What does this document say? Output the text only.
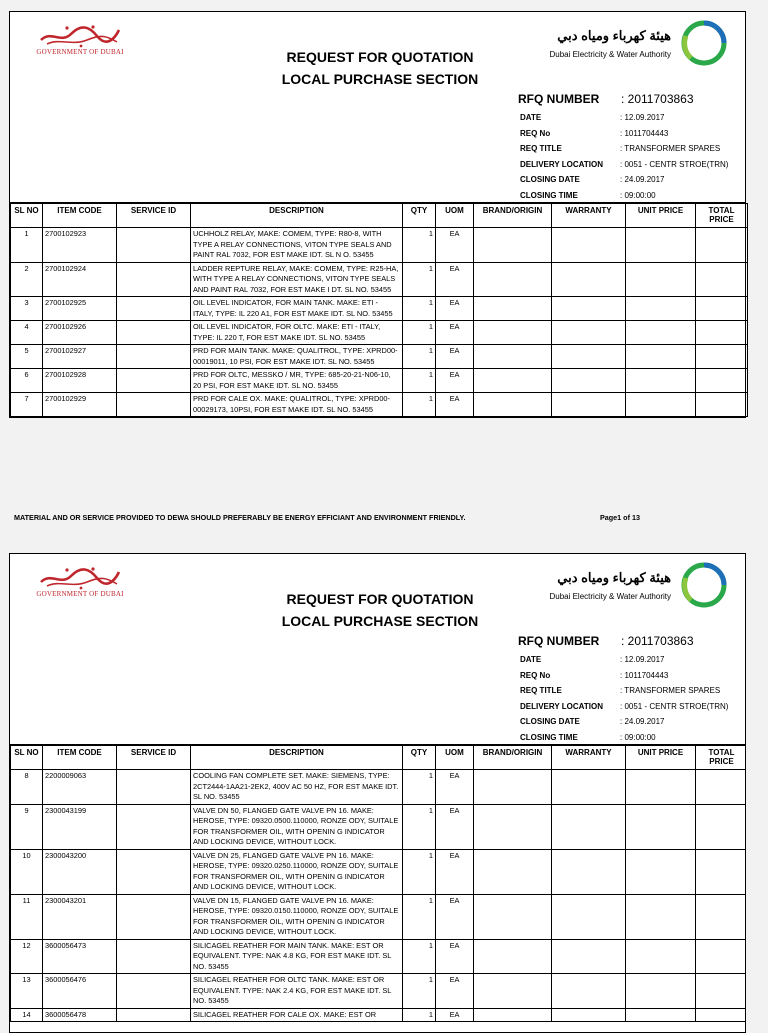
GOVERNMENT OF DUBAI	REQUEST FOR QUOTATION
LOCAL PURCHASE SECTION
هيئة كهرباء ومياه دبي
Dubai Electricity & Water Authority
RFQ NUMBER : 2011703863
DATE	: 12.09.2017
REQ No	: 1011704443
REQ TITLE	: TRANSFORMER SPARES
DELIVERY LOCATION : 0051 - CENTR STROE(TRN)
CLOSING DATE	: 24.09.2017
CLOSING TIME	: 09:00:00
SL NO	ITEM CODE	SERVICE ID	DESCRIPTION	QTY	UOM	BRAND/ORIGIN	WARRANTY	UNIT PRICE	TOTAL PRICE
1	2700102923		UCHHOLZ RELAY, MAKE: COMEM, TYPE: R80-8, WITH TYPE A RELAY CONNECTIONS, VITON TYPE SEALS AND PAINT RAL 7032, FOR EST MAKE IDT. SL N O. 53455	1	EA				
2	2700102924		LADDER REPTURE RELAY, MAKE: COMEM, TYPE: R25-HA, WITH TYPE A RELAY CONNECTIONS, VITON TYPE SEALS AND PAINT RAL 7032, FOR EST MAKE I DT. SL NO. 53455	1	EA				
3	2700102925		OIL LEVEL INDICATOR, FOR MAIN TANK. MAKE: ETI - ITALY, TYPE: IL 220 A1, FOR EST MAKE IDT. SL NO. 53455	1	EA				
4	2700102926		OIL LEVEL INDICATOR, FOR OLTC. MAKE: ETI - ITALY, TYPE: IL 220 T, FOR EST MAKE IDT. SL NO. 53455	1	EA				
5	2700102927		PRD FOR MAIN TANK. MAKE: QUALITROL, TYPE: XPRD00-00019011, 10 PSI, FOR EST MAKE IDT. SL NO. 53455	1	EA				
6	2700102928		PRD FOR OLTC, MESSKO / MR, TYPE: 685-20-21-N06-10, 20 PSI, FOR EST MAKE IDT. SL NO. 53455	1	EA				
7	2700102929		PRD FOR CALE OX. MAKE: QUALITROL, TYPE: XPRD00-00029173, 10PSI, FOR EST MAKE IDT. SL NO. 53455	1	EA				
MATERIAL AND OR SERVICE PROVIDED TO DEWA SHOULD PREFERABLY BE ENERGY EFFICIANT AND ENVIRONMENT FRIENDLY.	Page1 of 13
GOVERNMENT OF DUBAI	REQUEST FOR QUOTATION
LOCAL PURCHASE SECTION
هيئة كهرباء ومياه دبي
Dubai Electricity & Water Authority
RFQ NUMBER : 2011703863
DATE	: 12.09.2017
REQ No	: 1011704443
REQ TITLE	: TRANSFORMER SPARES
DELIVERY LOCATION : 0051 - CENTR STROE(TRN)
CLOSING DATE	: 24.09.2017
CLOSING TIME	: 09:00:00
SL NO	ITEM CODE	SERVICE ID	DESCRIPTION	QTY	UOM	BRAND/ORIGIN	WARRANTY	UNIT PRICE	TOTAL PRICE
8	2200009063		COOLING FAN COMPLETE SET. MAKE: SIEMENS, TYPE: 2CT2444-1AA21-2EK2, 400V AC 50 HZ, FOR EST MAKE IDT. SL NO. 53455	1	EA				
9	2300043199		VALVE DN 50, FLANGED GATE VALVE PN 16. MAKE: HEROSE, TYPE: 09320.0500.110000, RONZE ODY, SUITALE FOR TRANSFORMER OIL, WITH OPENIN G INDICATOR AND LOCKING DEVICE, WITHOUT LOCK.	1	EA				
10	2300043200		VALVE DN 25, FLANGED GATE VALVE PN 16. MAKE: HEROSE, TYPE: 09320.0250.110000, RONZE ODY, SUITALE FOR TRANSFORMER OIL, WITH OPENIN G INDICATOR AND LOCKING DEVICE, WITHOUT LOCK.	1	EA				
11	2300043201		VALVE DN 15, FLANGED GATE VALVE PN 16. MAKE: HEROSE, TYPE: 09320.0150.110000, RONZE ODY, SUITALE FOR TRANSFORMER OIL, WITH OPENIN G INDICATOR AND LOCKING DEVICE, WITHOUT LOCK.	1	EA				
12	3600056473		SILICAGEL REATHER FOR MAIN TANK. MAKE: EST OR EQUIVALENT. TYPE: NAK 4.8 KG, FOR EST MAKE IDT. SL NO. 53455	1	EA				
13	3600056476		SILICAGEL REATHER FOR OLTC TANK. MAKE: EST OR EQUIVALENT. TYPE: NAK 2.4 KG, FOR EST MAKE IDT. SL NO. 53455	1	EA				
14	3600056478		SILICAGEL REATHER FOR CALE OX. MAKE: EST OR	1	EA				
